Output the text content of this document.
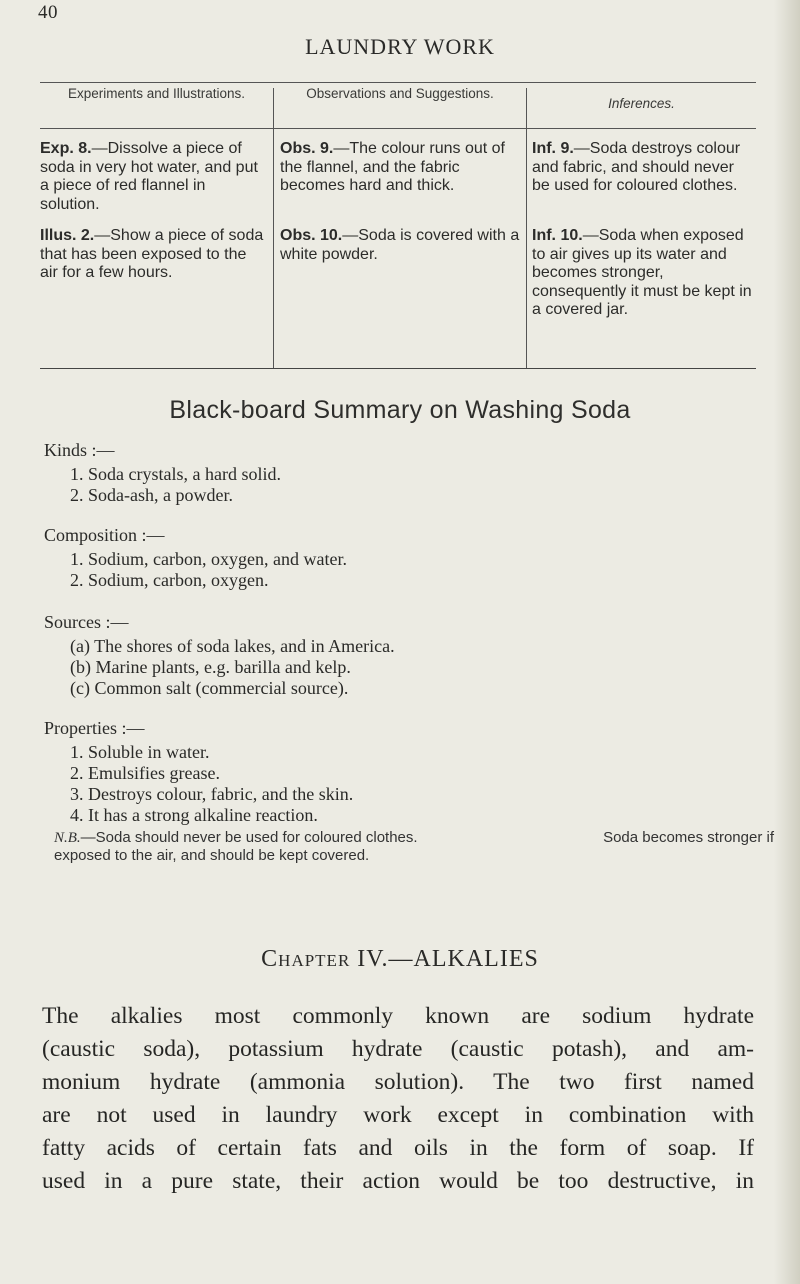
40
LAUNDRY WORK
Experiments and Illustrations.	Observations and Suggestions.
Inferences.
Exp. 8.—Dissolve a piece of soda in very hot water, and put a piece of red flannel in solution.
Obs. 9.—The colour runs out of the flannel, and the fabric becomes hard and thick.
Inf. 9.—Soda destroys colour and fabric, and should never be used for coloured clothes.
Illus. 2.—Show a piece of soda that has been exposed to the air for a few hours.
Obs. 10.—Soda is covered with a white powder.
Inf. 10.—Soda when exposed to air gives up its water and becomes stronger, consequently it must be kept in a covered jar.
Black-board Summary on Washing Soda

Kinds :—

1. Soda crystals, a hard solid.
2. Soda-ash, a powder.

Composition :—

1. Sodium, carbon, oxygen, and water.
2. Sodium, carbon, oxygen.

Sources :—

(a) The shores of soda lakes, and in America.
(b) Marine plants, e.g. barilla and kelp.
(c) Common salt (commercial source).

Properties :—

1. Soluble in water.
2. Emulsifies grease.
3. Destroys colour, fabric, and the skin.
4. It has a strong alkaline reaction.
N.B.—Soda should never be used for coloured clothes.	Soda becomes stronger if
exposed to the air, and should be kept covered.
Chapter IV.—ALKALIES
The alkalies most commonly known are sodium hydrate
(caustic soda), potassium hydrate (caustic potash), and am-
monium hydrate (ammonia solution). The two first named
are not used in laundry work except in combination with
fatty acids of certain fats and oils in the form of soap. If
used in a pure state, their action would be too destructive, in
